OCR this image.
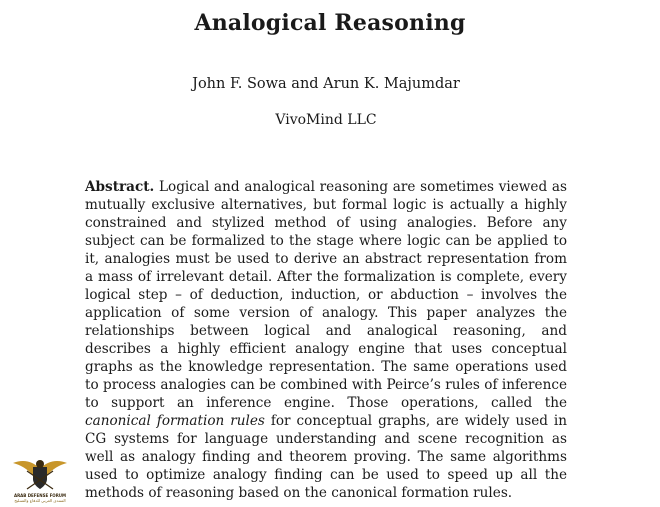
Analogical Reasoning
John F. Sowa and Arun K. Majumdar
VivoMind LLC
Abstract. Logical and analogical reasoning are sometimes viewed as mutually exclusive alternatives, but formal logic is actually a highly constrained and stylized method of using analogies. Before any subject can be formalized to the stage where logic can be applied to it, analogies must be used to derive an abstract representation from a mass of irrelevant detail. After the formalization is complete, every logical step – of deduction, induction, or abduction – involves the application of some version of analogy. This paper analyzes the relationships between logical and analogical reasoning, and describes a highly efficient analogy engine that uses conceptual graphs as the knowledge representation. The same operations used to process analogies can be combined with Peirce’s rules of inference to support an inference engine. Those operations, called the canonical formation rules for conceptual graphs, are widely used in CG systems for language understanding and scene recognition as well as analogy finding and theorem proving. The same algorithms used to optimize analogy finding can be used to speed up all the methods of reasoning based on the canonical formation rules.
ARAB DEFENSE FORUM
المنتدى العربي للدفاع والتسليح
